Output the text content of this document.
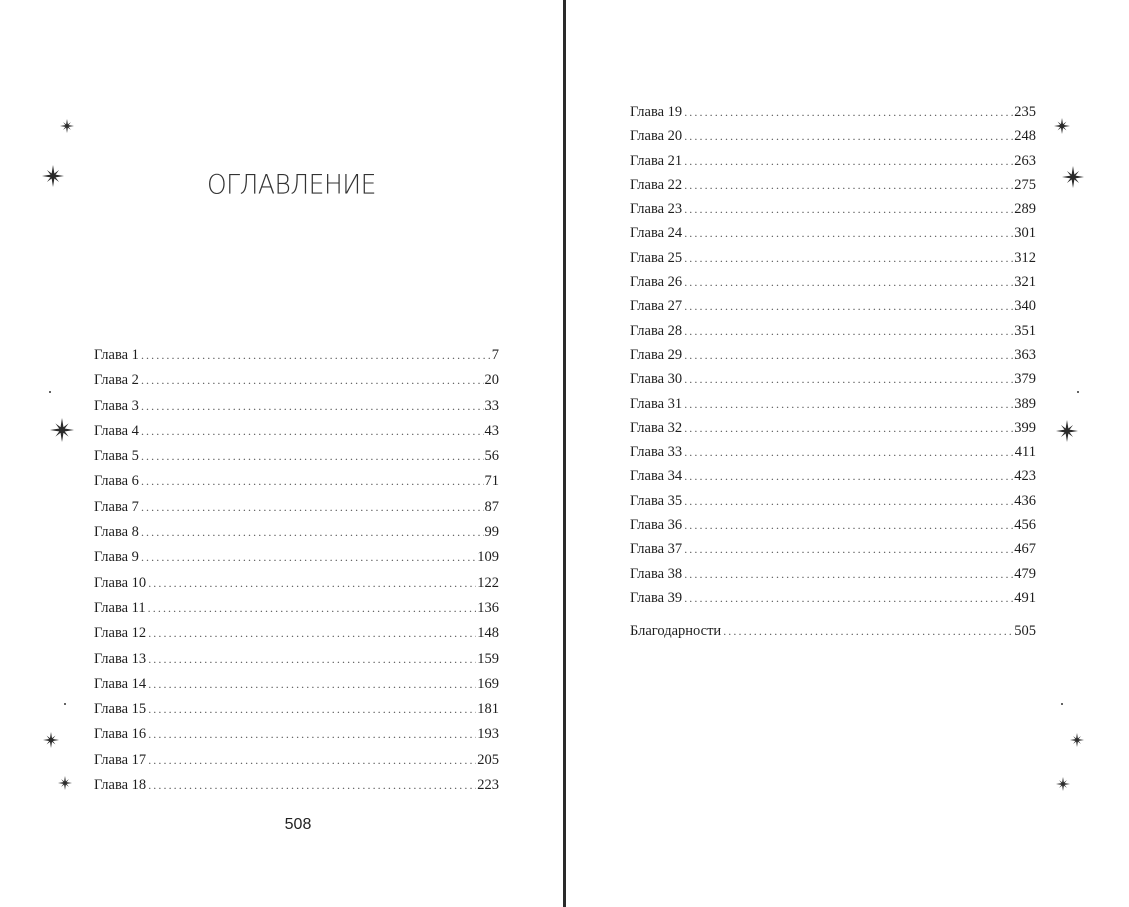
ОГЛАВЛЕНИЕ
Глава 1 .....	7
Глава 2 .....	20
Глава 3 .....	33
Глава 4 .....	43
Глава 5 .....	56
Глава 6 .....	71
Глава 7 .....	87
Глава 8 .....	99
Глава 9 .....	109
Глава 10 .....	122
Глава 11 .....	136
Глава 12 .....	148
Глава 13 .....	159
Глава 14 .....	169
Глава 15 .....	181
Глава 16 .....	193
Глава 17 .....	205
Глава 18 .....	223
508
Глава 19 .....	235
Глава 20 .....	248
Глава 21 .....	263
Глава 22 .....	275
Глава 23 .....	289
Глава 24 .....	301
Глава 25 .....	312
Глава 26 .....	321
Глава 27 .....	340
Глава 28 .....	351
Глава 29 .....	363
Глава 30 .....	379
Глава 31 .....	389
Глава 32 .....	399
Глава 33 .....	411
Глава 34 .....	423
Глава 35 .....	436
Глава 36 .....	456
Глава 37 .....	467
Глава 38 .....	479
Глава 39 .....	491
Благодарности .....	505
